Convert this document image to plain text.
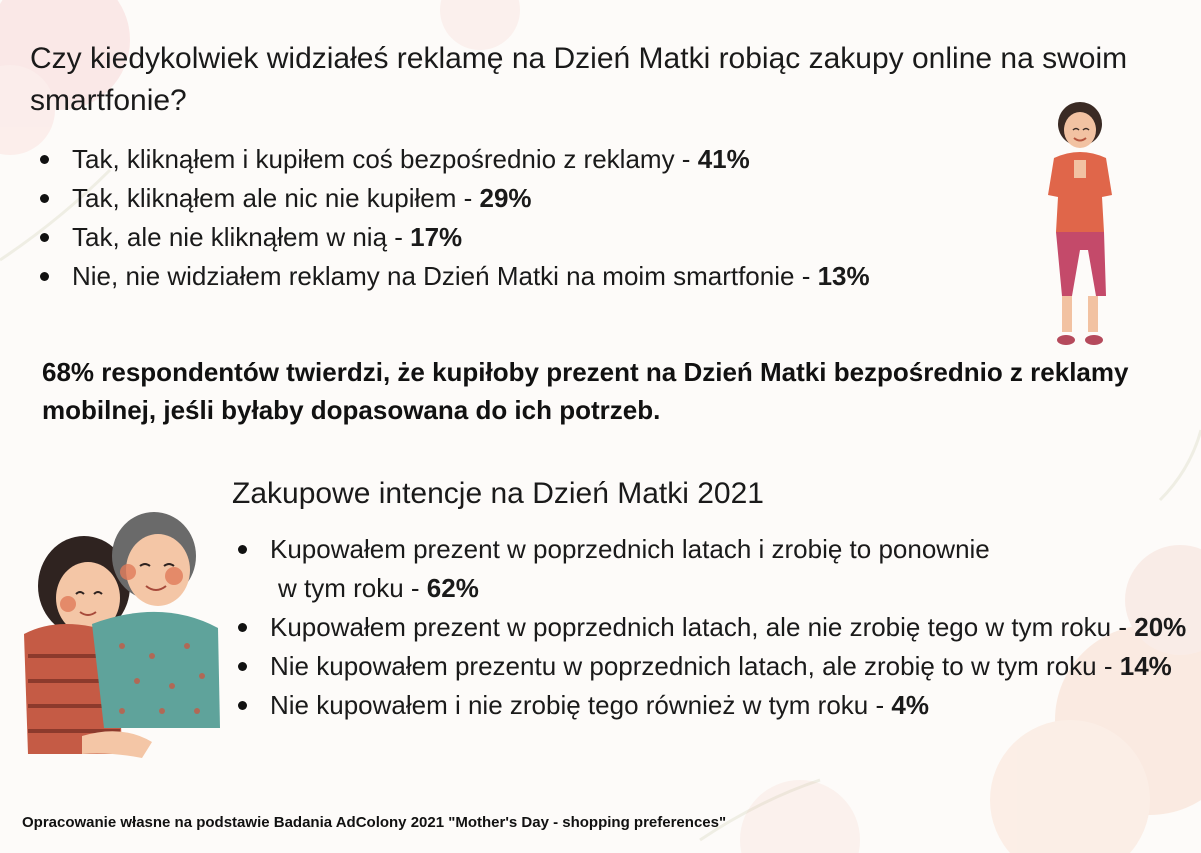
Czy kiedykolwiek widziałeś reklamę na Dzień Matki robiąc zakupy online na swoim smartfonie?

Tak, kliknąłem i kupiłem coś bezpośrednio z reklamy - 41%
Tak, kliknąłem ale nic nie kupiłem - 29%
Tak, ale nie kliknąłem w nią - 17%
Nie, nie widziałem reklamy na Dzień Matki na moim smartfonie - 13%

68% respondentów twierdzi, że kupiłoby prezent na Dzień Matki bezpośrednio z reklamy mobilnej, jeśli byłaby dopasowana do ich potrzeb.

Zakupowe intencje na Dzień Matki 2021

Kupowałem prezent w poprzednich latach i zrobię to ponownie
w tym roku - 62%
Kupowałem prezent w poprzednich latach, ale nie zrobię tego w tym roku - 20%
Nie kupowałem prezentu w poprzednich latach, ale zrobię to w tym roku - 14%
Nie kupowałem i nie zrobię tego również w tym roku - 4%

Opracowanie własne na podstawie Badania AdColony 2021 "Mother's Day - shopping preferences"
